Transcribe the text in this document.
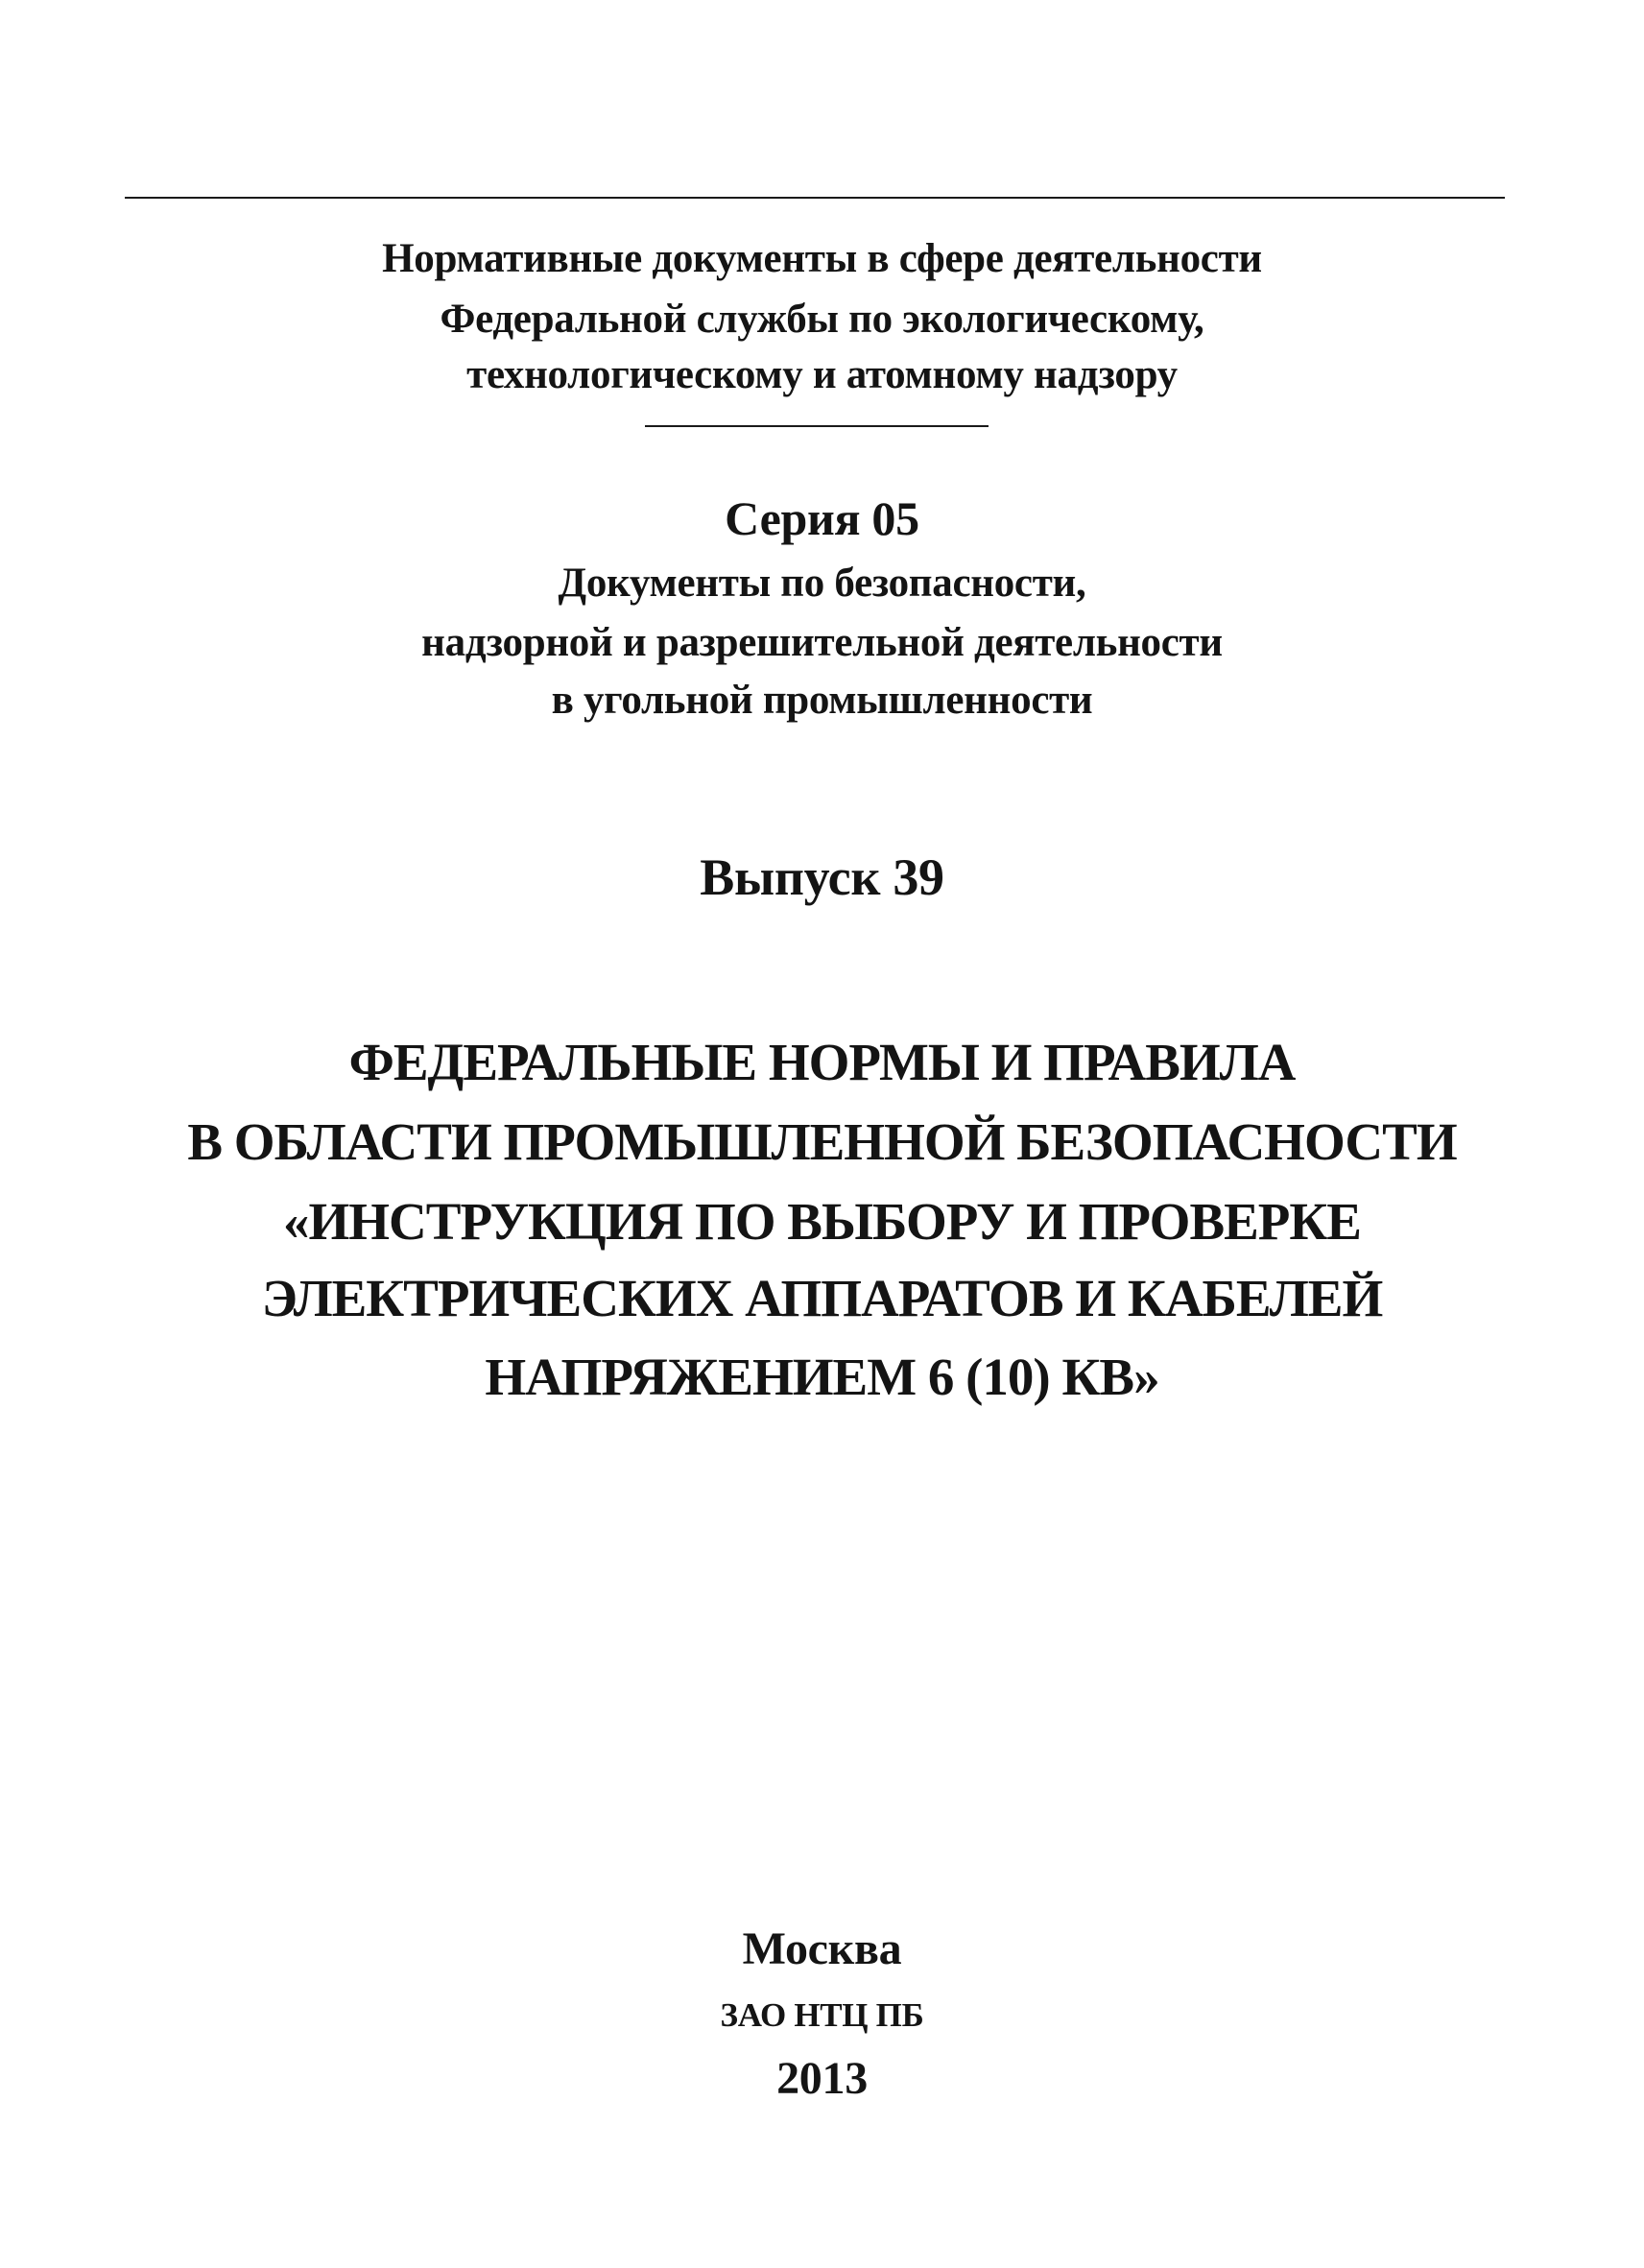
Нормативные документы в сфере деятельности
Федеральной службы по экологическому,
технологическому и атомному надзору
Серия 05
Документы по безопасности,
надзорной и разрешительной деятельности
в угольной промышленности
Выпуск 39
ФЕДЕРАЛЬНЫЕ НОРМЫ И ПРАВИЛА
В ОБЛАСТИ ПРОМЫШЛЕННОЙ БЕЗОПАСНОСТИ
«ИНСТРУКЦИЯ ПО ВЫБОРУ И ПРОВЕРКЕ
ЭЛЕКТРИЧЕСКИХ АППАРАТОВ И КАБЕЛЕЙ
НАПРЯЖЕНИЕМ 6 (10) КВ»
Москва
ЗАО НТЦ ПБ
2013
